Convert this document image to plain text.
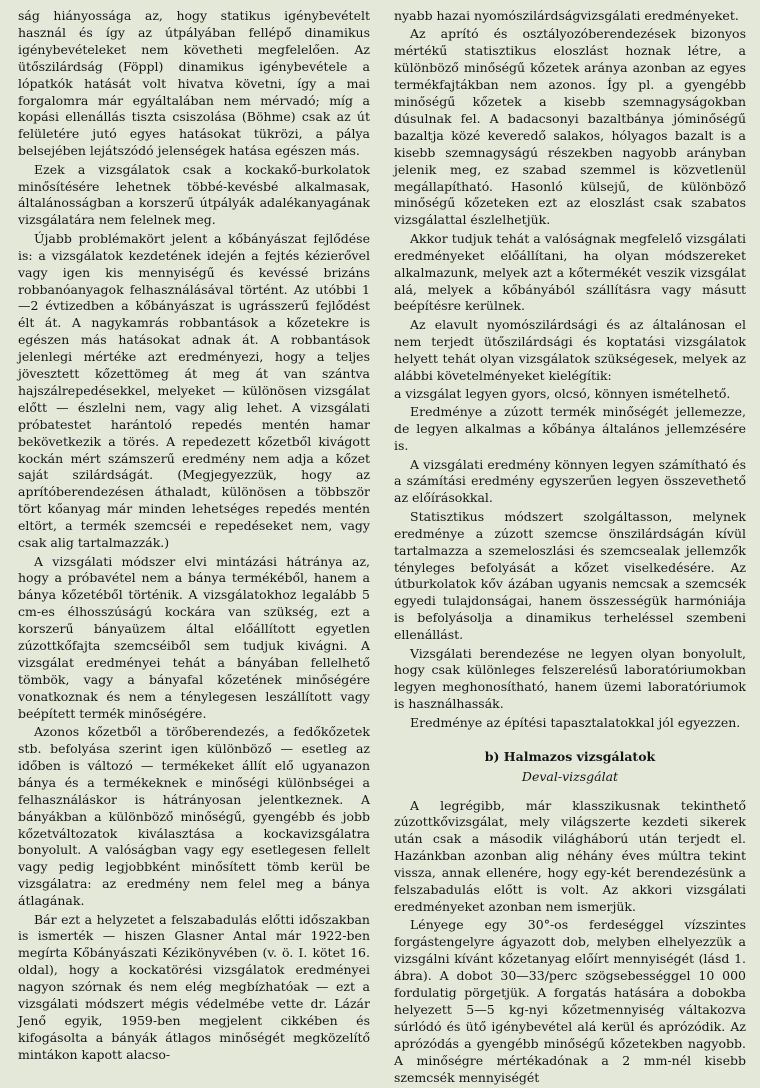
ság hiányossága az, hogy statikus igénybevételt használ és így az útpályában fellépő dinamikus igénybevételeket nem követheti megfelelően. Az ütőszilárdság (Föppl) dinamikus igénybevétele a lópatkók hatását volt hivatva követni, így a mai forgalomra már egyáltalában nem mérvadó; míg a kopási ellenállás tiszta csiszolása (Böhme) csak az út felületére jutó egyes hatásokat tükrözi, a pálya belsejében lejátszódó jelenségek hatása egészen más.

Ezek a vizsgálatok csak a kockakő-burkolatok minősítésére lehetnek többé-kevésbé alkalmasak, általánosságban a korszerű útpályák adalékanyagának vizsgálatára nem felelnek meg.

Újabb problémakört jelent a kőbányászat fejlődése is: a vizsgálatok kezdetének idején a fejtés kézierővel vagy igen kis mennyiségű és kevéssé brizáns robbanóanyagok felhasználásával történt. Az utóbbi 1—2 évtizedben a kőbányászat is ugrásszerű fejlődést élt át. A nagykamrás robbantások a kőzetekre is egészen más hatásokat adnak át. A robbantások jelenlegi mértéke azt eredményezi, hogy a teljes jövesztett kőzettömeg át meg át van szántva hajszálrepedésekkel, melyeket — különösen vizsgálat előtt — észlelni nem, vagy alig lehet. A vizsgálati próbatestet harántoló repedés mentén hamar bekövetkezik a törés. A repedezett kőzetből kivágott kockán mért számszerű eredmény nem adja a kőzet saját szilárdságát. (Megjegyezzük, hogy az aprítóberendezésen áthaladt, különösen a többször tört kőanyag már minden lehetséges repedés mentén eltört, a termék szemcséi e repedéseket nem, vagy csak alig tartalmazzák.)

A vizsgálati módszer elvi mintázási hátránya az, hogy a próbavétel nem a bánya termékéből, hanem a bánya kőzetéből történik. A vizsgálatokhoz legalább 5 cm-es élhosszúságú kockára van szükség, ezt a korszerű bányaüzem által előállított egyetlen zúzottkőfajta szemcséiből sem tudjuk kivágni. A vizsgálat eredményei tehát a bányában fellelhető tömbök, vagy a bányafal kőzetének minőségére vonatkoznak és nem a ténylegesen leszállított vagy beépített termék minőségére.

Azonos kőzetből a törőberendezés, a fedőkőzetek stb. befolyása szerint igen különböző — esetleg az időben is változó — termékeket állít elő ugyanazon bánya és a termékeknek e minőségi különbségei a felhasználáskor is hátrányosan jelentkeznek. A bányákban a különböző minőségű, gyengébb és jobb kőzetváltozatok kiválasztása a kockavizsgálatra bonyolult. A valóságban vagy egy esetlegesen fellelt vagy pedig legjobbként minősített tömb kerül be vizsgálatra: az eredmény nem felel meg a bánya átlagának.

Bár ezt a helyzetet a felszabadulás előtti időszakban is ismerték — hiszen Glasner Antal már 1922-ben megírta Kőbányászati Kézikönyvében (v. ö. I. kötet 16. oldal), hogy a kockatörési vizsgálatok eredményei nagyon szórnak és nem elég megbízhatóak — ezt a vizsgálati módszert mégis védelmébe vette dr. Lázár Jenő egyik, 1959-ben megjelent cikkében és kifogásolta a bányák átlagos minőségét megközelítő mintákon kapott alacso-

nyabb hazai nyomószilárdságvizsgálati eredményeket.

Az aprító és osztályozóberendezések bizonyos mértékű statisztikus eloszlást hoznak létre, a különböző minőségű kőzetek aránya azonban az egyes termékfajtákban nem azonos. Így pl. a gyengébb minőségű kőzetek a kisebb szemnagyságokban dúsulnak fel. A badacsonyi bazaltbánya jóminőségű bazaltja közé keveredő salakos, hólyagos bazalt is a kisebb szemnagyságú részekben nagyobb arányban jelenik meg, ez szabad szemmel is közvetlenül megállapítható. Hasonló külsejű, de különböző minőségű kőzeteken ezt az eloszlást csak szabatos vizsgálattal észlelhetjük.

Akkor tudjuk tehát a valóságnak megfelelő vizsgálati eredményeket előállítani, ha olyan módszereket alkalmazunk, melyek azt a kőtermékét veszik vizsgálat alá, melyek a kőbányából szállításra vagy másutt beépítésre kerülnek.

Az elavult nyomószilárdsági és az általánosan el nem terjedt ütőszilárdsági és koptatási vizsgálatok helyett tehát olyan vizsgálatok szükségesek, melyek az alábbi követelményeket kielégítik:

a vizsgálat legyen gyors, olcsó, könnyen ismételhető.

Eredménye a zúzott termék minőségét jellemezze, de legyen alkalmas a kőbánya általános jellemzésére is.

A vizsgálati eredmény könnyen legyen számítható és a számítási eredmény egyszerűen legyen összevethető az előírásokkal.

Statisztikus módszert szolgáltasson, melynek eredménye a zúzott szemcse önszilárdságán kívül tartalmazza a szemeloszlási és szemcsealak jellemzők tényleges befolyását a kőzet viselkedésére. Az útburkolatok kőv ázában ugyanis nemcsak a szemcsék egyedi tulajdonságai, hanem összességük harmóniája is befolyásolja a dinamikus terheléssel szembeni ellenállást.

Vizsgálati berendezése ne legyen olyan bonyolult, hogy csak különleges felszerelésű laboratóriumokban legyen meghonosítható, hanem üzemi laboratóriumok is használhassák.

Eredménye az építési tapasztalatokkal jól egyezzen.

b) Halmazos vizsgálatok
Deval-vizsgálat

A legrégibb, már klasszikusnak tekinthető zúzottkővizsgálat, mely világszerte kezdeti sikerek után csak a második világháború után terjedt el. Hazánkban azonban alig néhány éves múltra tekint vissza, annak ellenére, hogy egy-két berendezésünk a felszabadulás előtt is volt. Az akkori vizsgálati eredményeket azonban nem ismerjük.

Lényege egy 30°-os ferdeséggel vízszintes forgástengelyre ágyazott dob, melyben elhelyezzük a vizsgálni kívánt kőzetanyag előírt mennyiségét (lásd 1. ábra). A dobot 30—33/perc szögsebességgel 10 000 fordulatig pörgetjük. A forgatás hatására a dobokba helyezett 5—5 kg-nyi kőzetmennyiség váltakozva súrlódó és ütő igénybevétel alá kerül és aprózódik. Az aprózódás a gyengébb minőségű kőzetekben nagyobb. A minőségre mértékadónak a 2 mm-nél kisebb szemcsék mennyiségét
